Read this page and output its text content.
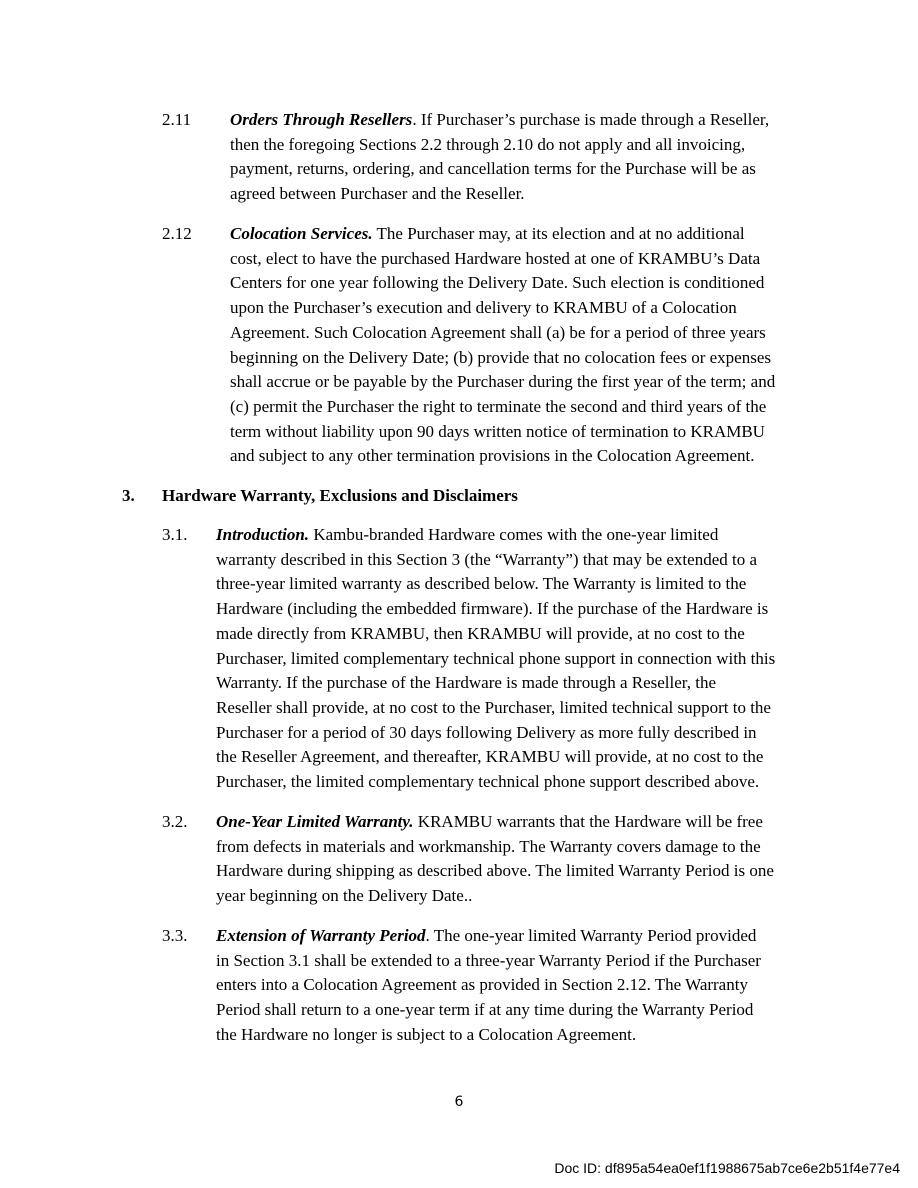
2.11 Orders Through Resellers. If Purchaser’s purchase is made through a Reseller,
then the foregoing Sections 2.2 through 2.10 do not apply and all invoicing,
payment, returns, ordering, and cancellation terms for the Purchase will be as
agreed between Purchaser and the Reseller.
2.12 Colocation Services. The Purchaser may, at its election and at no additional
cost, elect to have the purchased Hardware hosted at one of KRAMBU’s Data
Centers for one year following the Delivery Date. Such election is conditioned
upon the Purchaser’s execution and delivery to KRAMBU of a Colocation
Agreement. Such Colocation Agreement shall (a) be for a period of three years
beginning on the Delivery Date; (b) provide that no colocation fees or expenses
shall accrue or be payable by the Purchaser during the first year of the term; and
(c) permit the Purchaser the right to terminate the second and third years of the
term without liability upon 90 days written notice of termination to KRAMBU
and subject to any other termination provisions in the Colocation Agreement.
3. Hardware Warranty, Exclusions and Disclaimers
3.1. Introduction. Kambu-branded Hardware comes with the one-year limited
warranty described in this Section 3 (the “Warranty”) that may be extended to a
three-year limited warranty as described below. The Warranty is limited to the
Hardware (including the embedded firmware). If the purchase of the Hardware is
made directly from KRAMBU, then KRAMBU will provide, at no cost to the
Purchaser, limited complementary technical phone support in connection with this
Warranty. If the purchase of the Hardware is made through a Reseller, the
Reseller shall provide, at no cost to the Purchaser, limited technical support to the
Purchaser for a period of 30 days following Delivery as more fully described in
the Reseller Agreement, and thereafter, KRAMBU will provide, at no cost to the
Purchaser, the limited complementary technical phone support described above.
3.2. One-Year Limited Warranty. KRAMBU warrants that the Hardware will be free
from defects in materials and workmanship. The Warranty covers damage to the
Hardware during shipping as described above. The limited Warranty Period is one
year beginning on the Delivery Date..
3.3. Extension of Warranty Period. The one-year limited Warranty Period provided
in Section 3.1 shall be extended to a three-year Warranty Period if the Purchaser
enters into a Colocation Agreement as provided in Section 2.12. The Warranty
Period shall return to a one-year term if at any time during the Warranty Period
the Hardware no longer is subject to a Colocation Agreement.
6
Doc ID: df895a54ea0ef1f1988675ab7ce6e2b51f4e77e4
